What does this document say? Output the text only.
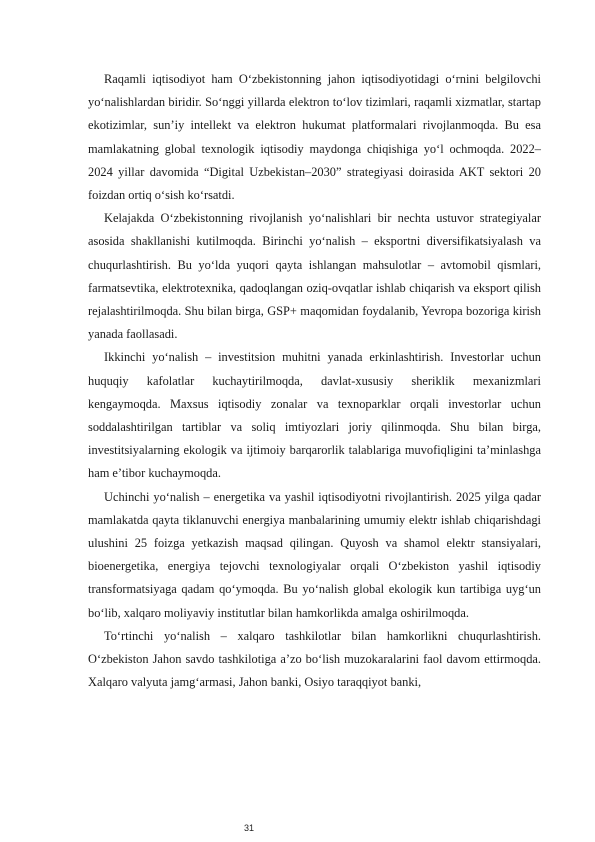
Raqamli iqtisodiyot ham O‘zbekistonning jahon iqtisodiyotidagi o‘rnini belgilovchi yo‘nalishlardan biridir. So‘nggi yillarda elektron to‘lov tizimlari, raqamli xizmatlar, startap ekotizimlar, sun’iy intellekt va elektron hukumat platformalari rivojlanmoqda. Bu esa mamlakatning global texnologik iqtisodiy maydonga chiqishiga yo‘l ochmoqda. 2022–2024 yillar davomida “Digital Uzbekistan–2030” strategiyasi doirasida AKT sektori 20 foizdan ortiq o‘sish ko‘rsatdi.

Kelajakda O‘zbekistonning rivojlanish yo‘nalishlari bir nechta ustuvor strategiyalar asosida shakllanishi kutilmoqda. Birinchi yo‘nalish – eksportni diversifikatsiyalash va chuqurlashtirish. Bu yo‘lda yuqori qayta ishlangan mahsulotlar – avtomobil qismlari, farmatsevtika, elektrotexnika, qadoqlangan oziq-ovqatlar ishlab chiqarish va eksport qilish rejalashtirilmoqda. Shu bilan birga, GSP+ maqomidan foydalanib, Yevropa bozoriga kirish yanada faollasadi.

Ikkinchi yo‘nalish – investitsion muhitni yanada erkinlashtirish. Investorlar uchun huquqiy kafolatlar kuchaytirilmoqda, davlat-xususiy sheriklik mexanizmlari kengaymoqda. Maxsus iqtisodiy zonalar va texnoparklar orqali investorlar uchun soddalashtirilgan tartiblar va soliq imtiyozlari joriy qilinmoqda. Shu bilan birga, investitsiyalarning ekologik va ijtimoiy barqarorlik talablariga muvofiqligini ta’minlashga ham e’tibor kuchaymoqda.

Uchinchi yo‘nalish – energetika va yashil iqtisodiyotni rivojlantirish. 2025 yilga qadar mamlakatda qayta tiklanuvchi energiya manbalarining umumiy elektr ishlab chiqarishdagi ulushini 25 foizga yetkazish maqsad qilingan. Quyosh va shamol elektr stansiyalari, bioenergetika, energiya tejovchi texnologiyalar orqali O‘zbekiston yashil iqtisodiy transformatsiyaga qadam qo‘ymoqda. Bu yo‘nalish global ekologik kun tartibiga uyg‘un bo‘lib, xalqaro moliyaviy institutlar bilan hamkorlikda amalga oshirilmoqda.

To‘rtinchi yo‘nalish – xalqaro tashkilotlar bilan hamkorlikni chuqurlashtirish. O‘zbekiston Jahon savdo tashkilotiga a’zo bo‘lish muzokaralarini faol davom ettirmoqda. Xalqaro valyuta jamg‘armasi, Jahon banki, Osiyo taraqqiyot banki,

31
